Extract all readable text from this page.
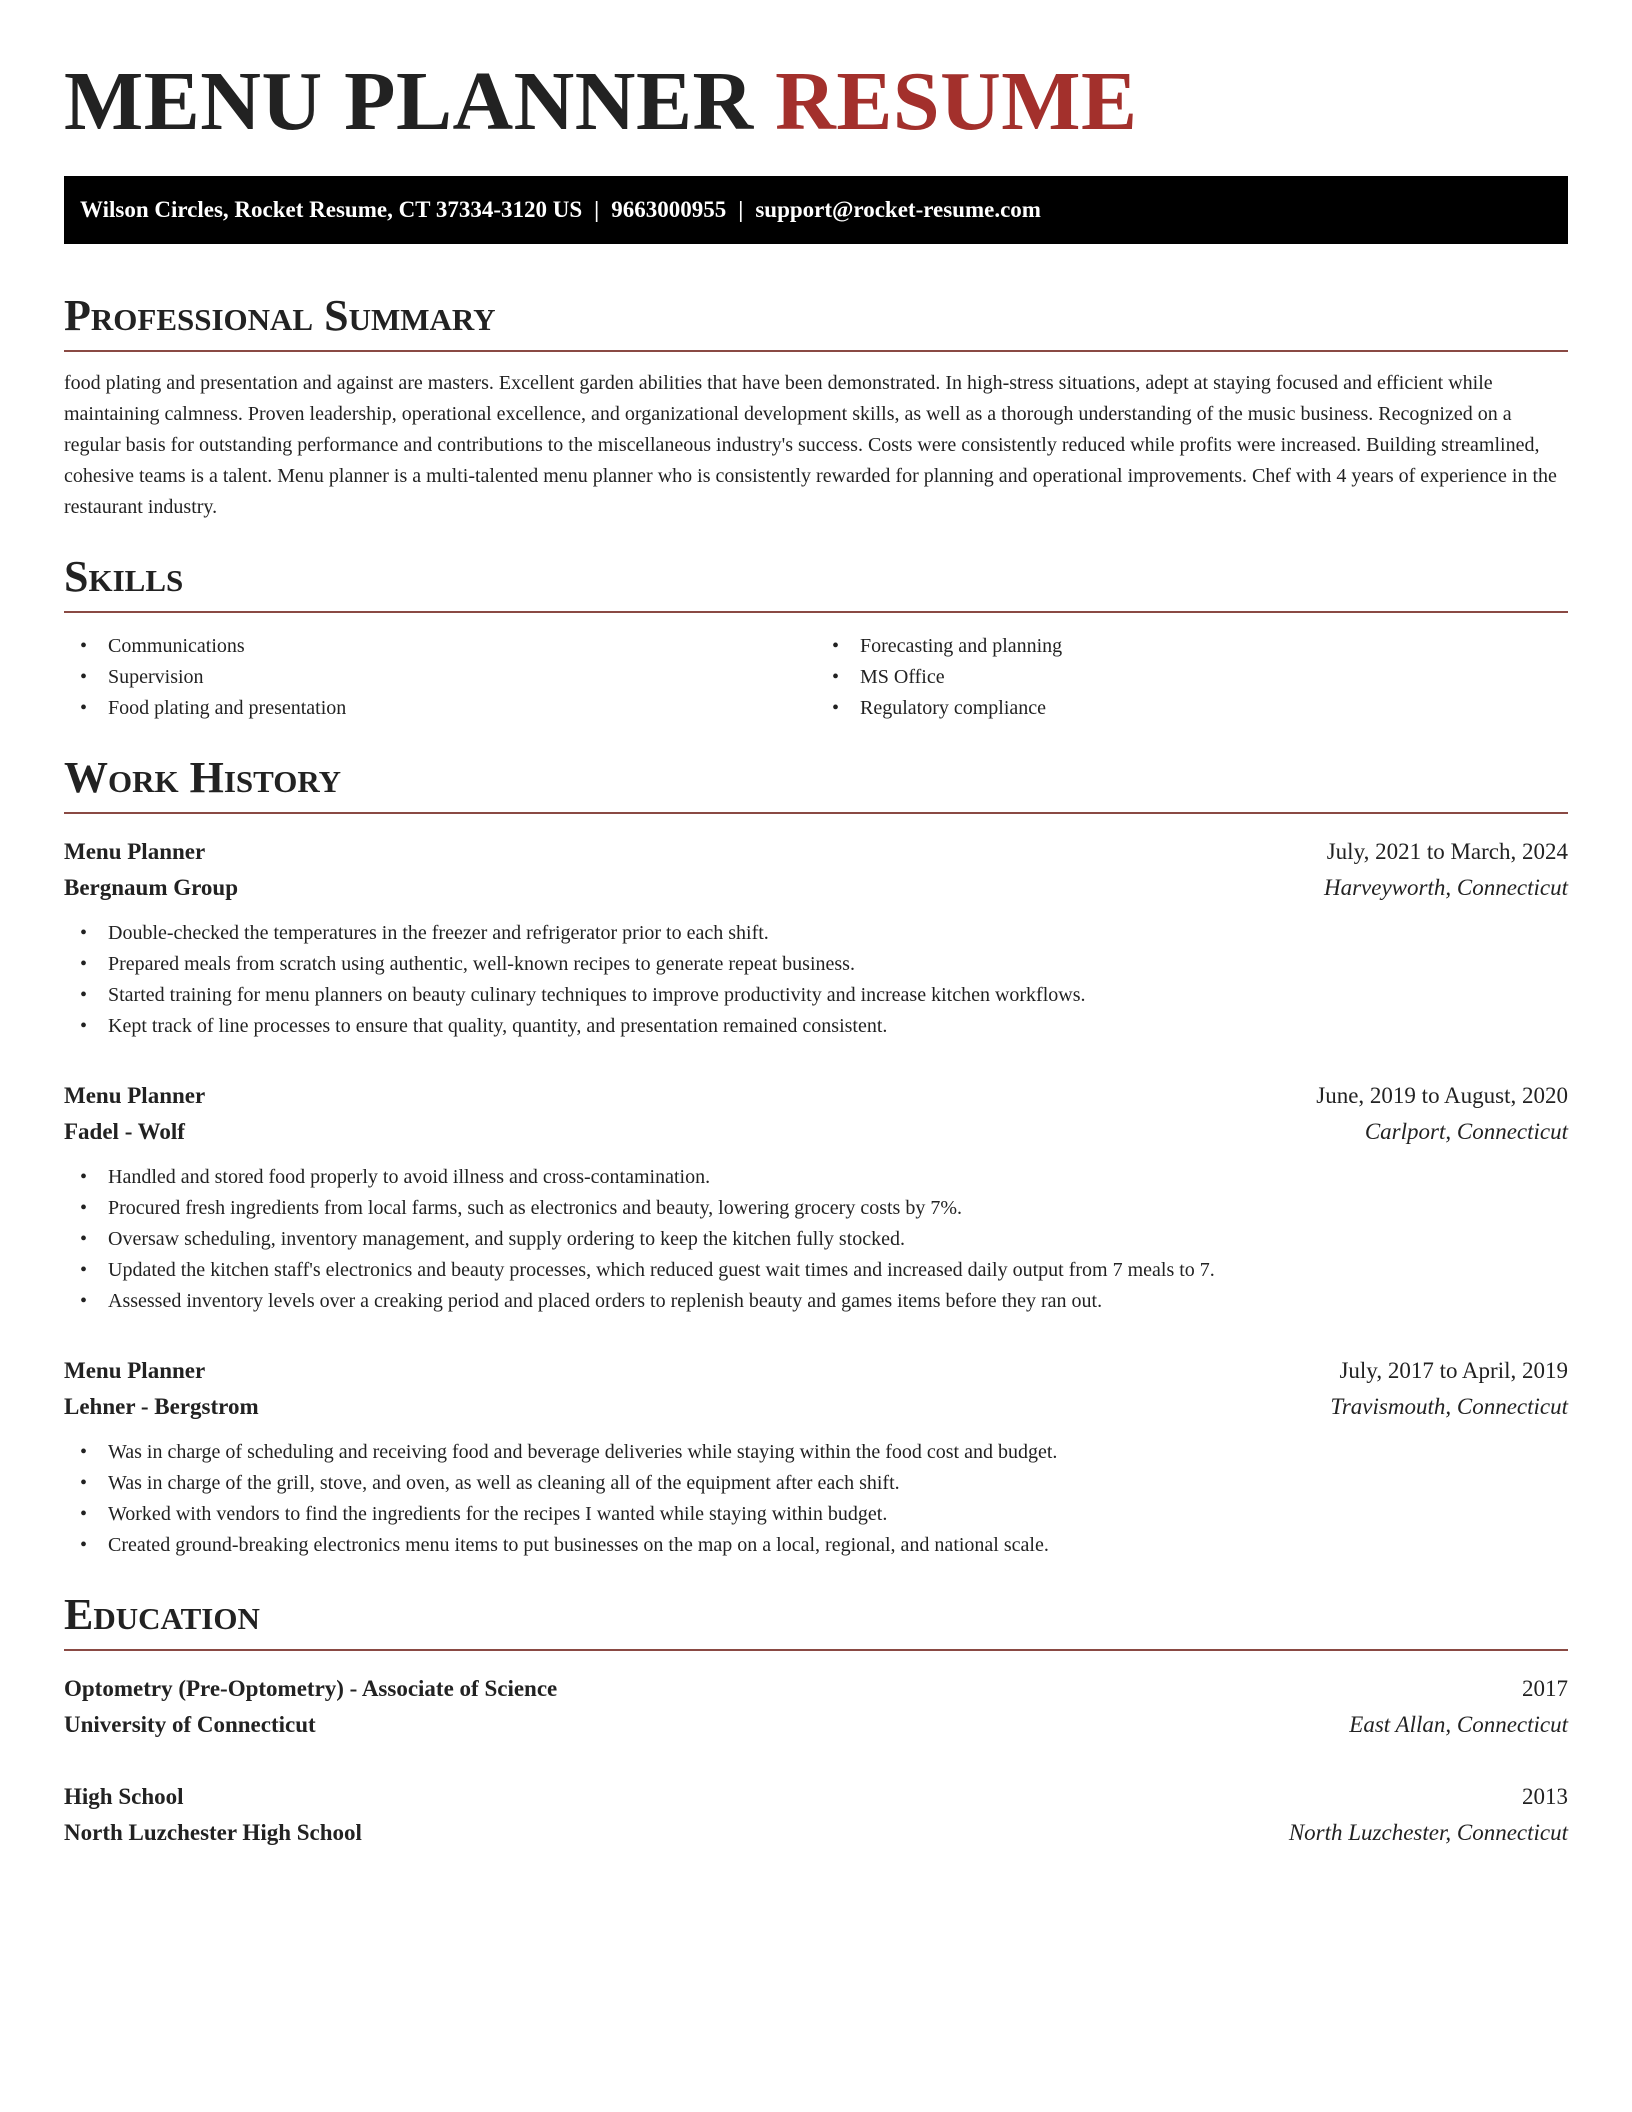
MENU PLANNER RESUME
Wilson Circles, Rocket Resume, CT 37334-3120 US | 9663000955 | support@rocket-resume.com
Professional Summary

food plating and presentation and against are masters. Excellent garden abilities that have been demonstrated. In high-stress situations, adept at staying focused and efficient while maintaining calmness. Proven leadership, operational excellence, and organizational development skills, as well as a thorough understanding of the music business. Recognized on a regular basis for outstanding performance and contributions to the miscellaneous industry's success. Costs were consistently reduced while profits were increased. Building streamlined, cohesive teams is a talent. Menu planner is a multi-talented menu planner who is consistently rewarded for planning and operational improvements. Chef with 4 years of experience in the restaurant industry.

Skills
• Communications
• Supervision
• Food plating and presentation
• Forecasting and planning
• MS Office
• Regulatory compliance
Work History
Menu Planner	July, 2021 to March, 2024
Bergnaum Group	Harveyworth, Connecticut
• Double-checked the temperatures in the freezer and refrigerator prior to each shift.
• Prepared meals from scratch using authentic, well-known recipes to generate repeat business.
• Started training for menu planners on beauty culinary techniques to improve productivity and increase kitchen workflows.
• Kept track of line processes to ensure that quality, quantity, and presentation remained consistent.
Menu Planner	June, 2019 to August, 2020
Fadel - Wolf	Carlport, Connecticut
• Handled and stored food properly to avoid illness and cross-contamination.
• Procured fresh ingredients from local farms, such as electronics and beauty, lowering grocery costs by 7%.
• Oversaw scheduling, inventory management, and supply ordering to keep the kitchen fully stocked.
• Updated the kitchen staff's electronics and beauty processes, which reduced guest wait times and increased daily output from 7 meals to 7.
• Assessed inventory levels over a creaking period and placed orders to replenish beauty and games items before they ran out.
Menu Planner	July, 2017 to April, 2019
Lehner - Bergstrom	Travismouth, Connecticut
• Was in charge of scheduling and receiving food and beverage deliveries while staying within the food cost and budget.
• Was in charge of the grill, stove, and oven, as well as cleaning all of the equipment after each shift.
• Worked with vendors to find the ingredients for the recipes I wanted while staying within budget.
• Created ground-breaking electronics menu items to put businesses on the map on a local, regional, and national scale.
Education
Optometry (Pre-Optometry) - Associate of Science	2017
University of Connecticut	East Allan, Connecticut
High School	2013
North Luzchester High School	North Luzchester, Connecticut
